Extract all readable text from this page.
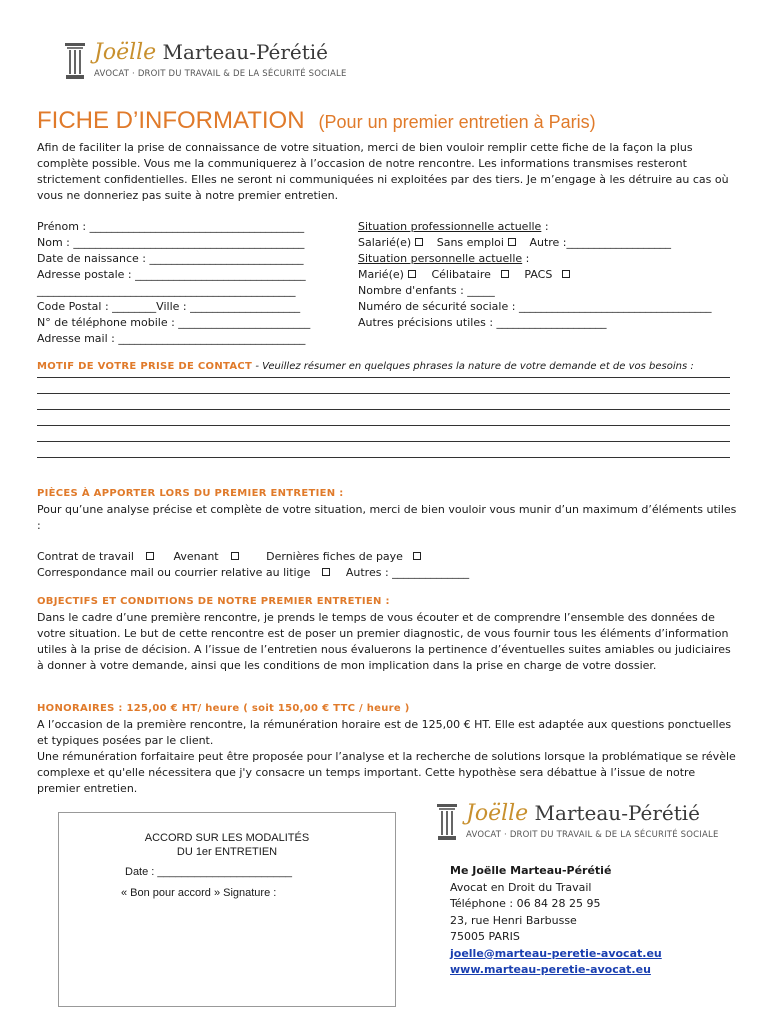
Joëlle Marteau-Pérétié
AVOCAT · DROIT DU TRAVAIL & DE LA SÉCURITÉ SOCIALE
FICHE D’INFORMATION (Pour un premier entretien à Paris)
Afin de faciliter la prise de connaissance de votre situation, merci de bien vouloir remplir cette fiche de la façon la plus complète possible. Vous me la communiquerez à l’occasion de notre rencontre. Les informations transmises resteront strictement confidentielles. Elles ne seront ni communiquées ni exploitées par des tiers. Je m’engage à les détruire au cas où vous ne donneriez pas suite à notre premier entretien.
Prénom : _______________________________________
Nom : __________________________________________
Date de naissance : ____________________________
Adresse postale : _______________________________
_______________________________________________
Code Postal : ________Ville : ____________________
N° de téléphone mobile : ________________________
Adresse mail : __________________________________
Situation professionnelle actuelle :
Salarié(e) Sans emploi Autre :___________________
Situation personnelle actuelle :
Marié(e)	Célibataire	PACS
Nombre d'enfants : _____
Numéro de sécurité sociale : ___________________________________
Autres précisions utiles : ____________________
MOTIF DE VOTRE PRISE DE CONTACT - Veuillez résumer en quelques phrases la nature de votre demande et de vos besoins :
PIÈCES À APPORTER LORS DU PREMIER ENTRETIEN :
Pour qu’une analyse précise et complète de votre situation, merci de bien vouloir vous munir d’un maximum d’éléments utiles :
Contrat de travail	Avenant	Dernières fiches de paye
Correspondance mail ou courrier relative au litige	Autres : ______________
OBJECTIFS ET CONDITIONS DE NOTRE PREMIER ENTRETIEN :
Dans le cadre d’une première rencontre, je prends le temps de vous écouter et de comprendre l’ensemble des données de votre situation. Le but de cette rencontre est de poser un premier diagnostic, de vous fournir tous les éléments d’information utiles à la prise de décision. A l’issue de l’entretien nous évaluerons la pertinence d’éventuelles suites amiables ou judiciaires à donner à votre demande, ainsi que les conditions de mon implication dans la prise en charge de votre dossier.
HONORAIRES : 125,00 € HT/ heure ( soit 150,00 € TTC / heure )
A l’occasion de la première rencontre, la rémunération horaire est de 125,00 € HT. Elle est adaptée aux questions ponctuelles et typiques posées par le client.
Une rémunération forfaitaire peut être proposée pour l’analyse et la recherche de solutions lorsque la problématique se révèle complexe et qu'elle nécessitera que j'y consacre un temps important. Cette hypothèse sera débattue à l’issue de notre premier entretien.
ACCORD SUR LES MODALITÉS
DU 1er ENTRETIEN
Date : ______________________
« Bon pour accord » Signature :
Joëlle Marteau-Pérétié
AVOCAT · DROIT DU TRAVAIL & DE LA SÉCURITÉ SOCIALE
Me Joëlle Marteau-Pérétié
Avocat en Droit du Travail
Téléphone : 06 84 28 25 95
23, rue Henri Barbusse
75005 PARIS
joelle@marteau-peretie-avocat.eu
www.marteau-peretie-avocat.eu
